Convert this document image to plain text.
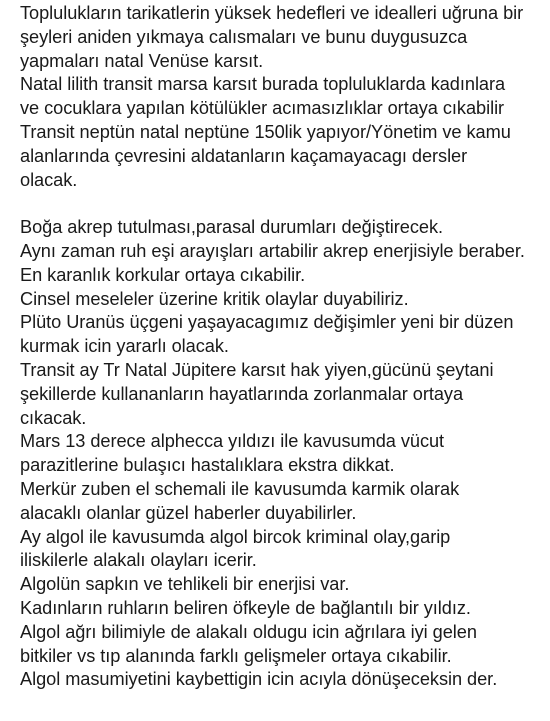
Toplulukların tarikatlerin yüksek hedefleri ve idealleri uğruna bir
şeyleri aniden yıkmaya calısmaları ve bunu duygusuzca
yapmaları natal Venüse karsıt.
Natal lilith transit marsa karsıt burada topluluklarda kadınlara
ve cocuklara yapılan kötülükler acımasızlıklar ortaya cıkabilir
Transit neptün natal neptüne 150lik yapıyor/Yönetim ve kamu
alanlarında çevresini aldatanların kaçamayacagı dersler
olacak.
Boğa akrep tutulması,parasal durumları değiştirecek.
Aynı zaman ruh eşi arayışları artabilir akrep enerjisiyle beraber.
En karanlık korkular ortaya cıkabilir.
Cinsel meseleler üzerine kritik olaylar duyabiliriz.
Plüto Uranüs üçgeni yaşayacagımız değişimler yeni bir düzen
kurmak icin yararlı olacak.
Transit ay Tr Natal Jüpitere karsıt hak yiyen,gücünü şeytani
şekillerde kullananların hayatlarında zorlanmalar ortaya
cıkacak.
Mars 13 derece alphecca yıldızı ile kavusumda vücut
parazitlerine bulaşıcı hastalıklara ekstra dikkat.
Merkür zuben el schemali ile kavusumda karmik olarak
alacaklı olanlar güzel haberler duyabilirler.
Ay algol ile kavusumda algol bircok kriminal olay,garip
iliskilerle alakalı olayları icerir.
Algolün sapkın ve tehlikeli bir enerjisi var.
Kadınların ruhların beliren öfkeyle de bağlantılı bir yıldız.
Algol ağrı bilimiyle de alakalı oldugu icin ağrılara iyi gelen
bitkiler vs tıp alanında farklı gelişmeler ortaya cıkabilir.
Algol masumiyetini kaybettigin icin acıyla dönüşeceksin der.
